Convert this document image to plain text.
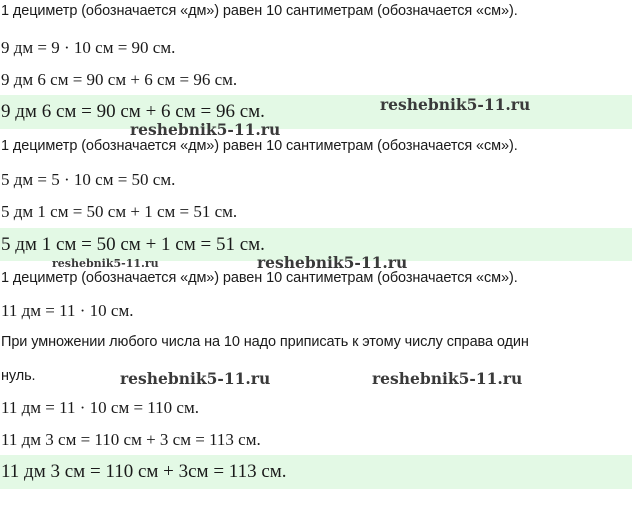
1 дециметр (обозначается «дм») равен 10 сантиметрам (обозначается «см»).
9 дм = 9 · 10 см = 90 см.
9 дм 6 см = 90 см + 6 см = 96 см.
9 дм 6 см = 90 см + 6 см = 96 см.
1 дециметр (обозначается «дм») равен 10 сантиметрам (обозначается «см»).
5 дм = 5 · 10 см = 50 см.
5 дм 1 см = 50 см + 1 см = 51 см.
5 дм 1 см = 50 см + 1 см = 51 см.
1 дециметр (обозначается «дм») равен 10 сантиметрам (обозначается «см»).
11 дм = 11 · 10 см.
При умножении любого числа на 10 надо приписать к этому числу справа один
нуль.
11 дм = 11 · 10 см = 110 см.
11 дм 3 см = 110 см + 3 см = 113 см.
11 дм 3 см = 110 см + 3см = 113 см.
reshebnik5-11.ru
reshebnik5-11.ru
reshebnik5-11.ru	reshebnik5-11.ru
reshebnik5-11.ru	reshebnik5-11.ru
